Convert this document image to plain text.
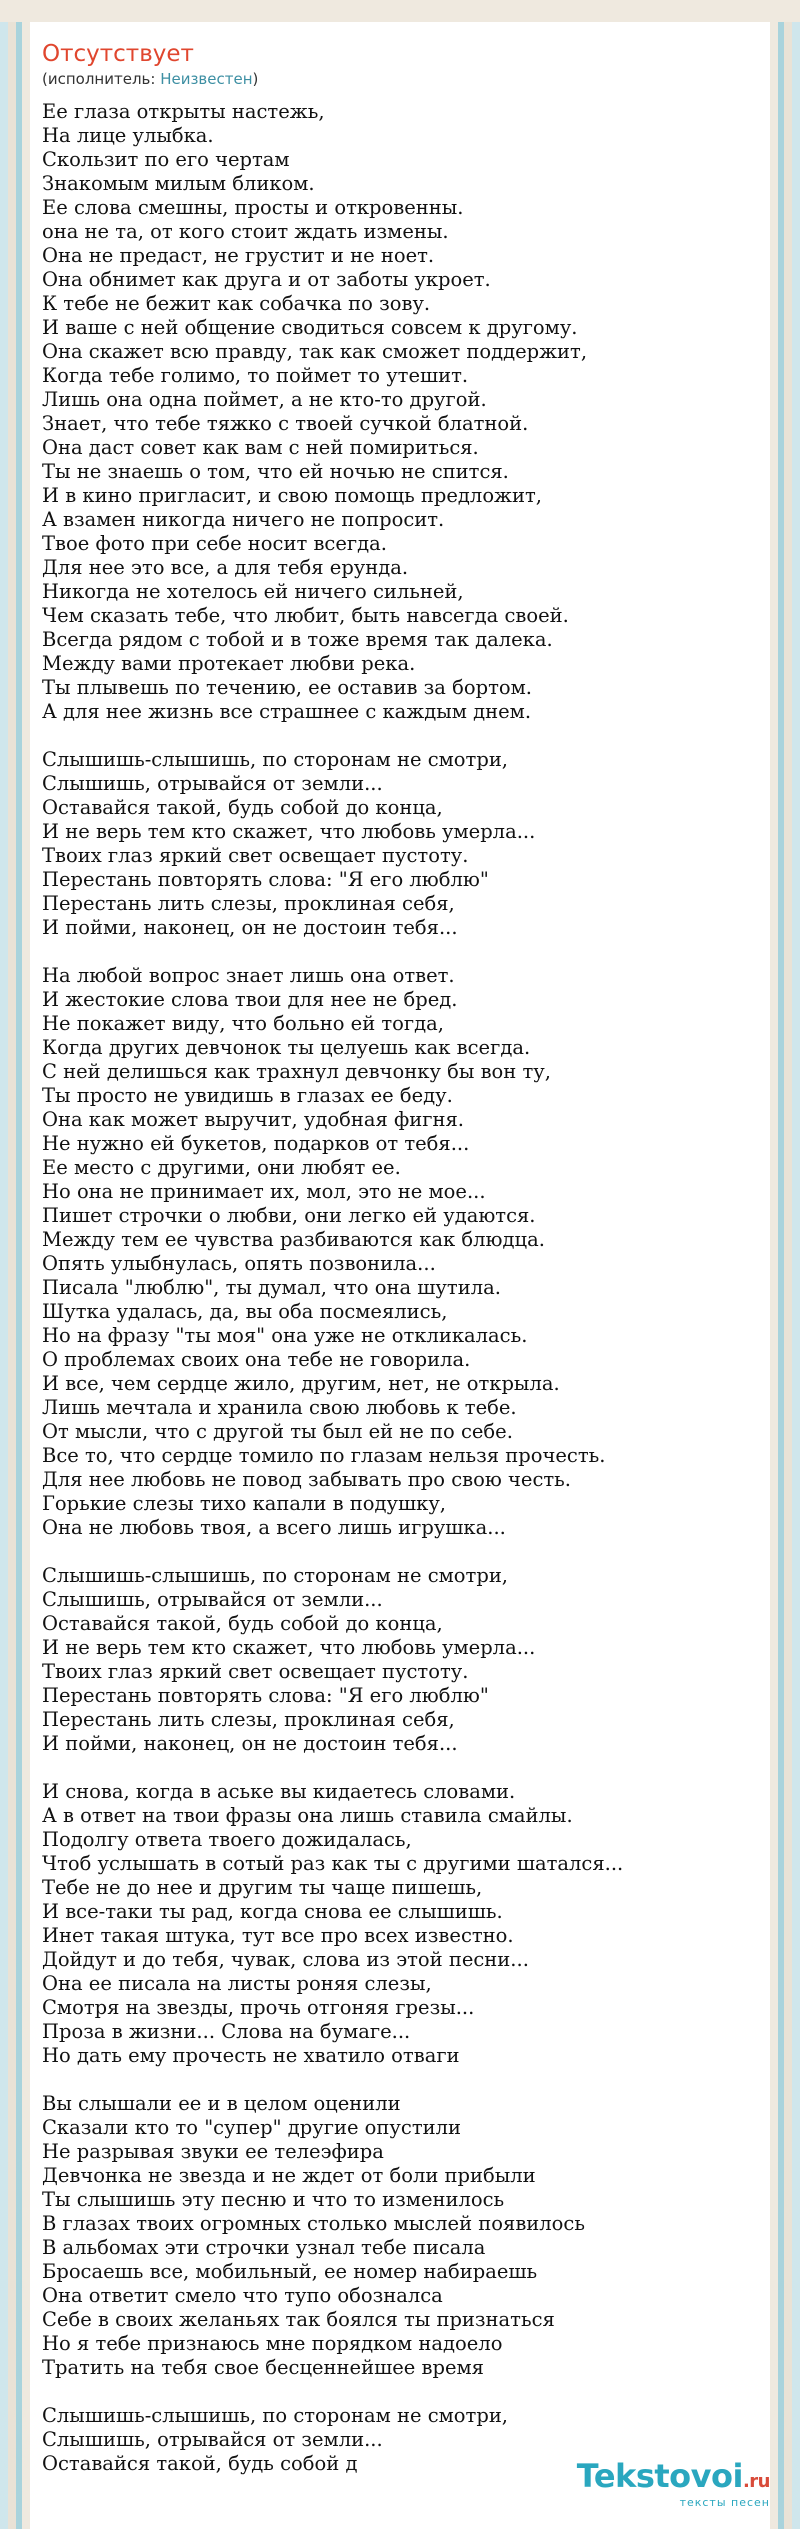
Отсутствует
(исполнитель: Неизвестен)
Ее глаза открыты настежь,
На лице улыбка.
Скользит по его чертам
Знакомым милым бликом.
Ее слова смешны, просты и откровенны.
она не та, от кого стоит ждать измены.
Она не предаст, не грустит и не ноет.
Она обнимет как друга и от заботы укроет.
К тебе не бежит как собачка по зову.
И ваше с ней общение сводиться совсем к другому.
Она скажет всю правду, так как сможет поддержит,
Когда тебе голимо, то поймет то утешит.
Лишь она одна поймет, а не кто-то другой.
Знает, что тебе тяжко с твоей сучкой блатной.
Она даст совет как вам с ней помириться.
Ты не знаешь о том, что ей ночью не спится.
И в кино пригласит, и свою помощь предложит,
А взамен никогда ничего не попросит.
Твое фото при себе носит всегда.
Для нее это все, а для тебя ерунда.
Никогда не хотелось ей ничего сильней,
Чем сказать тебе, что любит, быть навсегда своей.
Всегда рядом с тобой и в тоже время так далека.
Между вами протекает любви река.
Ты плывешь по течению, ее оставив за бортом.
А для нее жизнь все страшнее с каждым днем.

Слышишь-слышишь, по сторонам не смотри,
Слышишь, отрывайся от земли...
Оставайся такой, будь собой до конца,
И не верь тем кто скажет, что любовь умерла...
Твоих глаз яркий свет освещает пустоту.
Перестань повторять слова: "Я его люблю"
Перестань лить слезы, проклиная себя,
И пойми, наконец, он не достоин тебя...

На любой вопрос знает лишь она ответ.
И жестокие слова твои для нее не бред.
Не покажет виду, что больно ей тогда,
Когда других девчонок ты целуешь как всегда.
С ней делишься как трахнул девчонку бы вон ту,
Ты просто не увидишь в глазах ее беду.
Она как может выручит, удобная фигня.
Не нужно ей букетов, подарков от тебя...
Ее место с другими, они любят ее.
Но она не принимает их, мол, это не мое...
Пишет строчки о любви, они легко ей удаются.
Между тем ее чувства разбиваются как блюдца.
Опять улыбнулась, опять позвонила...
Писала "люблю", ты думал, что она шутила.
Шутка удалась, да, вы оба посмеялись,
Но на фразу "ты моя" она уже не откликалась.
О проблемах своих она тебе не говорила.
И все, чем сердце жило, другим, нет, не открыла.
Лишь мечтала и хранила свою любовь к тебе.
От мысли, что с другой ты был ей не по себе.
Все то, что сердце томило по глазам нельзя прочесть.
Для нее любовь не повод забывать про свою честь.
Горькие слезы тихо капали в подушку,
Она не любовь твоя, а всего лишь игрушка...

Слышишь-слышишь, по сторонам не смотри,
Слышишь, отрывайся от земли...
Оставайся такой, будь собой до конца,
И не верь тем кто скажет, что любовь умерла...
Твоих глаз яркий свет освещает пустоту.
Перестань повторять слова: "Я его люблю"
Перестань лить слезы, проклиная себя,
И пойми, наконец, он не достоин тебя...

И снова, когда в аське вы кидаетесь словами.
А в ответ на твои фразы она лишь ставила смайлы.
Подолгу ответа твоего дожидалась,
Чтоб услышать в сотый раз как ты с другими шатался...
Тебе не до нее и другим ты чаще пишешь,
И все-таки ты рад, когда снова ее слышишь.
Инет такая штука, тут все про всех известно.
Дойдут и до тебя, чувак, слова из этой песни...
Она ее писала на листы роняя слезы,
Смотря на звезды, прочь отгоняя грезы...
Проза в жизни... Слова на бумаге...
Но дать ему прочесть не хватило отваги

Вы слышали ее и в целом оценили
Сказали кто то "супер" другие опустили
Не разрывая звуки ее телеэфира
Девчонка не звезда и не ждет от боли прибыли
Ты слышишь эту песню и что то изменилось
В глазах твоих огромных столько мыслей появилось
В альбомах эти строчки узнал тебе писала
Бросаешь все, мобильный, ее номер набираешь
Она ответит смело что тупо обозналса
Себе в своих желаньях так боялся ты признаться
Но я тебе признаюсь мне порядком надоело
Тратить на тебя свое бесценнейшее время

Слышишь-слышишь, по сторонам не смотри,
Слышишь, отрывайся от земли...
Оставайся такой, будь собой д	Tekstovoi.ru
тексты песен
